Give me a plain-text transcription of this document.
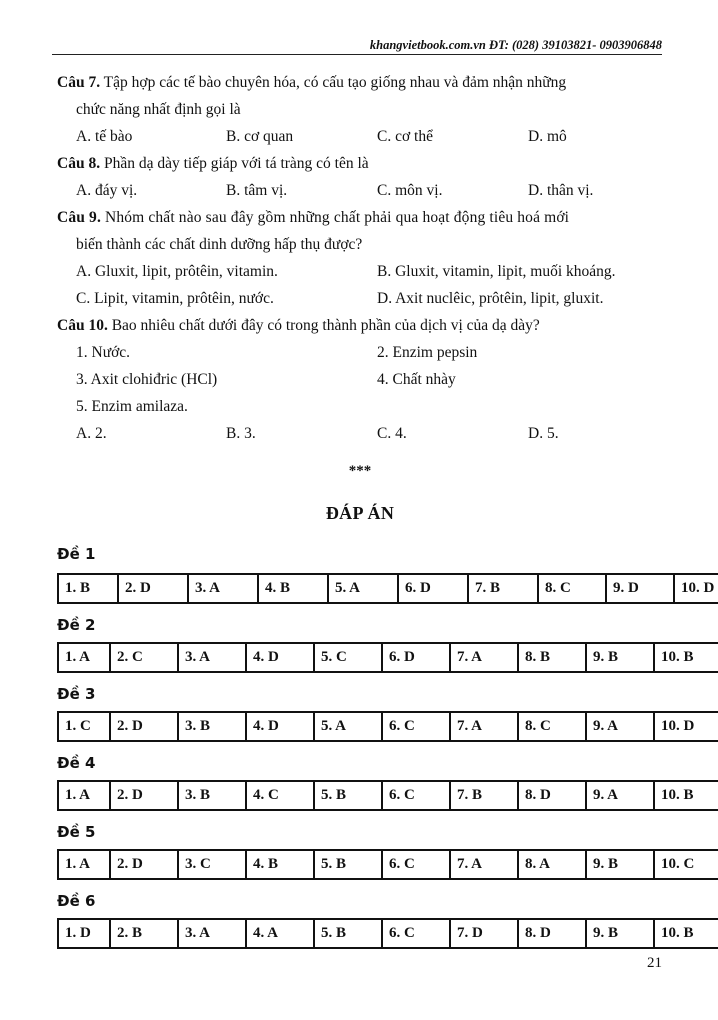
khangvietbook.com.vn ĐT: (028) 39103821- 0903906848

Câu 7. Tập hợp các tế bào chuyên hóa, có cấu tạo giống nhau và đảm nhận những

chức năng nhất định gọi là

A. tế bào	B. cơ quan	C. cơ thể	D. mô

Câu 8. Phần dạ dày tiếp giáp với tá tràng có tên là

A. đáy vị.	B. tâm vị.	C. môn vị.	D. thân vị.

Câu 9. Nhóm chất nào sau đây gồm những chất phải qua hoạt động tiêu hoá mới

biến thành các chất dinh dưỡng hấp thụ được?

A. Gluxit, lipit, prôtêin, vitamin.	B. Gluxit, vitamin, lipit, muối khoáng.
C. Lipit, vitamin, prôtêin, nước.	D. Axit nuclêic, prôtêin, lipit, gluxit.

Câu 10. Bao nhiêu chất dưới đây có trong thành phần của dịch vị của dạ dày?

1. Nước.	2. Enzim pepsin
3. Axit clohiđric (HCl)	4. Chất nhày
5. Enzim amilaza.
A. 2.	B. 3.	C. 4.	D. 5.
***
ĐÁP ÁN
Đề 1
1. B	2. D	3. A	4. B	5. A	6. D	7. B	8. C	9. D	10. D
Đề 2
1. A	2. C	3. A	4. D	5. C	6. D	7. A	8. B	9. B	10. B
Đề 3
1. C	2. D	3. B	4. D	5. A	6. C	7. A	8. C	9. A	10. D
Đề 4
1. A	2. D	3. B	4. C	5. B	6. C	7. B	8. D	9. A	10. B
Đề 5
1. A	2. D	3. C	4. B	5. B	6. C	7. A	8. A	9. B	10. C
Đề 6
1. D	2. B	3. A	4. A	5. B	6. C	7. D	8. D	9. B	10. B
21
